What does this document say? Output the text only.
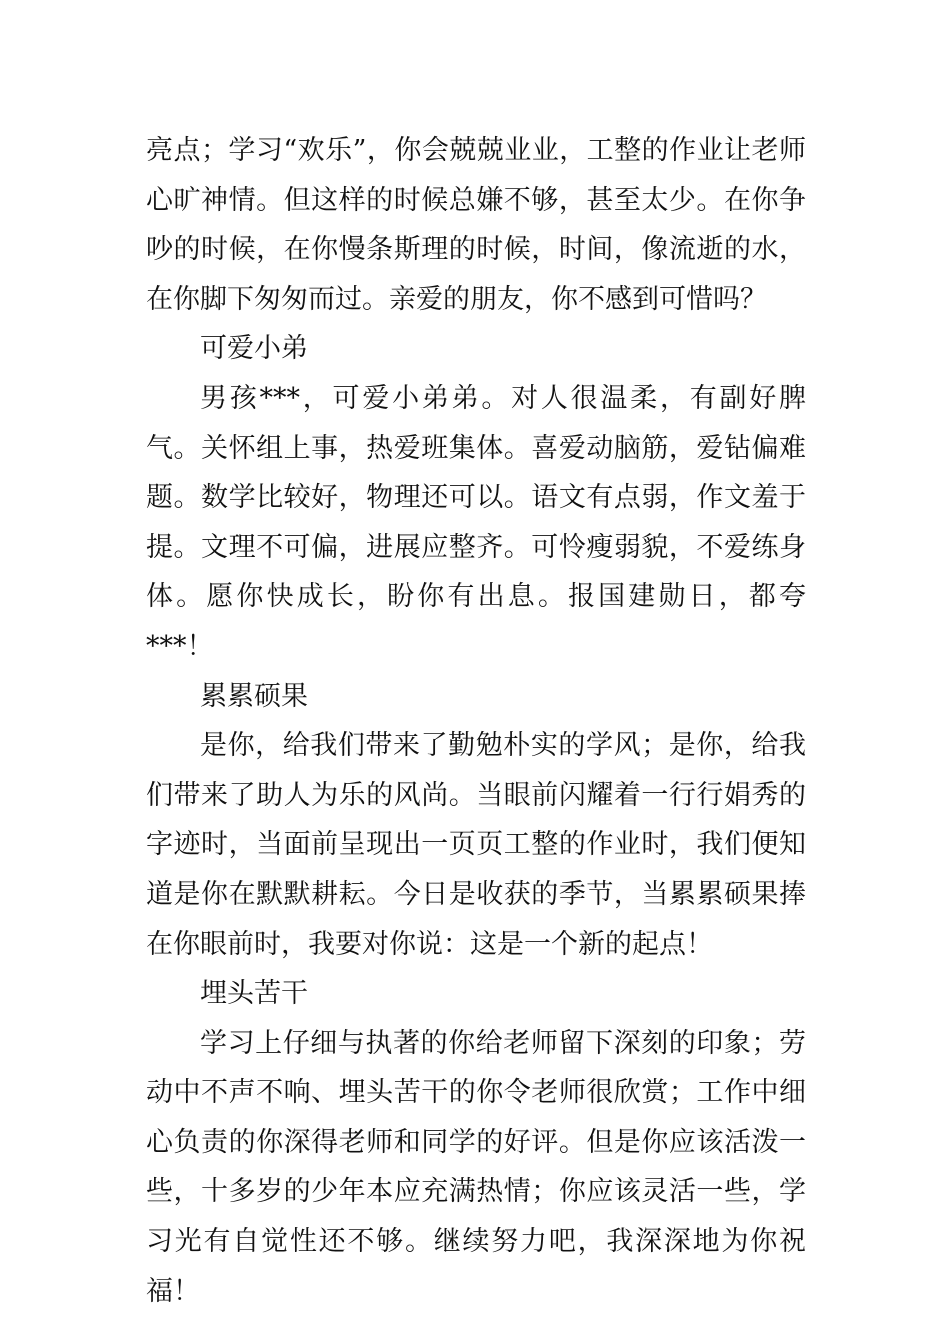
亮点；学习“欢乐”，你会兢兢业业，工整的作业让老师心旷神情。但这样的时候总嫌不够，甚至太少。在你争吵的时候，在你慢条斯理的时候，时间，像流逝的水，在你脚下匆匆而过。亲爱的朋友，你不感到可惜吗？

可爱小弟

男孩***，可爱小弟弟。对人很温柔，有副好脾气。关怀组上事，热爱班集体。喜爱动脑筋，爱钻偏难题。数学比较好，物理还可以。语文有点弱，作文羞于提。文理不可偏，进展应整齐。可怜瘦弱貌，不爱练身体。愿你快成长，盼你有出息。报国建勋日，都夸***！

累累硕果

是你，给我们带来了勤勉朴实的学风；是你，给我们带来了助人为乐的风尚。当眼前闪耀着一行行娟秀的字迹时，当面前呈现出一页页工整的作业时，我们便知道是你在默默耕耘。今日是收获的季节，当累累硕果捧在你眼前时，我要对你说：这是一个新的起点！

埋头苦干

学习上仔细与执著的你给老师留下深刻的印象；劳动中不声不响、埋头苦干的你令老师很欣赏；工作中细心负责的你深得老师和同学的好评。但是你应该活泼一些，十多岁的少年本应充满热情；你应该灵活一些，学习光有自觉性还不够。继续努力吧，我深深地为你祝福！
